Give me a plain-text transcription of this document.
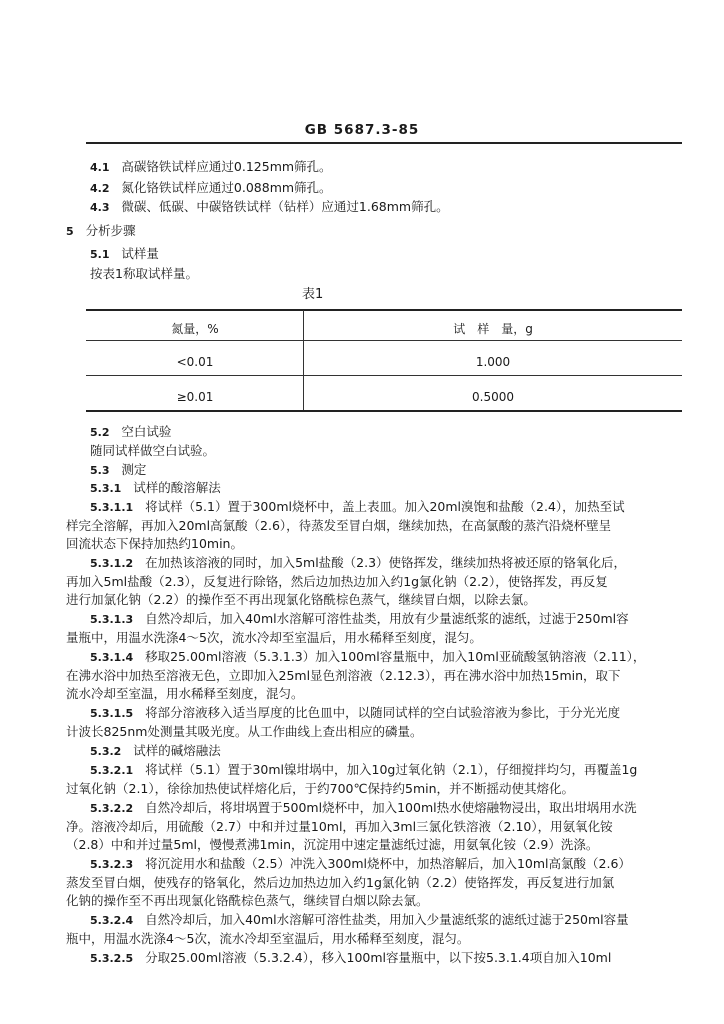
GB 5687.3-85
4.1 高碳铬铁试样应通过0.125mm筛孔。
4.2 氮化铬铁试样应通过0.088mm筛孔。
4.3 微碳、低碳、中碳铬铁试样（钻样）应通过1.68mm筛孔。
5 分析步骤
5.1 试样量
按表1称取试样量。
表1
氮量，%	试　样　量，g
<0.01	1.000
≥0.01	0.5000
5.2 空白试验
随同试样做空白试验。
5.3 测定
5.3.1 试样的酸溶解法
5.3.1.1 将试样（5.1）置于300ml烧杯中，盖上表皿。加入20ml溴饱和盐酸（2.4），加热至试
样完全溶解，再加入20ml高氯酸（2.6），待蒸发至冒白烟，继续加热，在高氯酸的蒸汽沿烧杯壁呈
回流状态下保持加热约10min。
5.3.1.2 在加热该溶液的同时，加入5ml盐酸（2.3）使铬挥发，继续加热将被还原的铬氧化后，
再加入5ml盐酸（2.3），反复进行除铬，然后边加热边加入约1g氯化钠（2.2），使铬挥发，再反复
进行加氯化钠（2.2）的操作至不再出现氯化铬酰棕色蒸气，继续冒白烟，以除去氯。
5.3.1.3 自然冷却后，加入40ml水溶解可溶性盐类，用放有少量滤纸浆的滤纸，过滤于250ml容
量瓶中，用温水洗涤4～5次，流水冷却至室温后，用水稀释至刻度，混匀。
5.3.1.4 移取25.00ml溶液（5.3.1.3）加入100ml容量瓶中，加入10ml亚硫酸氢钠溶液（2.11），
在沸水浴中加热至溶液无色，立即加入25ml显色剂溶液（2.12.3），再在沸水浴中加热15min，取下
流水冷却至室温，用水稀释至刻度，混匀。
5.3.1.5 将部分溶液移入适当厚度的比色皿中，以随同试样的空白试验溶液为参比，于分光光度
计波长825nm处测量其吸光度。从工作曲线上查出相应的磷量。
5.3.2 试样的碱熔融法
5.3.2.1 将试样（5.1）置于30ml镍坩埚中，加入10g过氧化钠（2.1），仔细搅拌均匀，再覆盖1g
过氧化钠（2.1），徐徐加热使试样熔化后，于约700℃保持约5min，并不断摇动使其熔化。
5.3.2.2 自然冷却后，将坩埚置于500ml烧杯中，加入100ml热水使熔融物浸出，取出坩埚用水洗
净。溶液冷却后，用硫酸（2.7）中和并过量10ml，再加入3ml三氯化铁溶液（2.10），用氨氧化铵
（2.8）中和并过量5ml，慢慢煮沸1min，沉淀用中速定量滤纸过滤，用氨氧化铵（2.9）洗涤。
5.3.2.3 将沉淀用水和盐酸（2.5）冲洗入300ml烧杯中，加热溶解后，加入10ml高氯酸（2.6）
蒸发至冒白烟，使残存的铬氧化，然后边加热边加入约1g氯化钠（2.2）使铬挥发，再反复进行加氯
化钠的操作至不再出现氯化铬酰棕色蒸气，继续冒白烟以除去氯。
5.3.2.4 自然冷却后，加入40ml水溶解可溶性盐类，用加入少量滤纸浆的滤纸过滤于250ml容量
瓶中，用温水洗涤4～5次，流水冷却至室温后，用水稀释至刻度，混匀。
5.3.2.5 分取25.00ml溶液（5.3.2.4），移入100ml容量瓶中，以下按5.3.1.4项自加入10ml
